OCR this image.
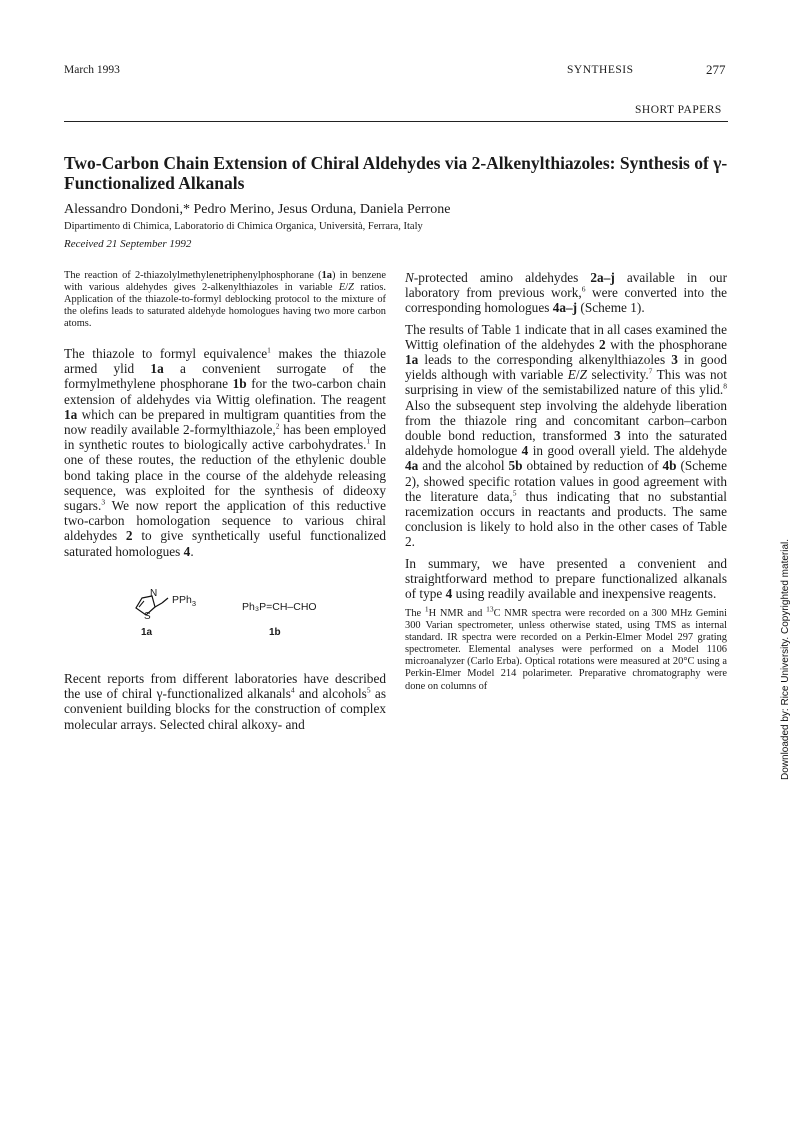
March 1993	SYNTHESIS	277
SHORT PAPERS
Two-Carbon Chain Extension of Chiral Aldehydes via 2-Alkenylthiazoles: Synthesis of γ-Functionalized Alkanals
Alessandro Dondoni,* Pedro Merino, Jesus Orduna, Daniela Perrone
Dipartimento di Chimica, Laboratorio di Chimica Organica, Università, Ferrara, Italy
Received 21 September 1992

The reaction of 2-thiazolylmethylenetriphenylphosphorane (1a) in benzene with various aldehydes gives 2-alkenylthiazoles in variable E/Z ratios. Application of the thiazole-to-formyl deblocking protocol to the mixture of the olefins leads to saturated aldehyde homologues having two more carbon atoms.

The thiazole to formyl equivalence$^1$ makes the thiazole armed ylid 1a a convenient surrogate of the formylmethylene phosphorane 1b for the two-carbon chain extension of aldehydes via Wittig olefination. The reagent 1a which can be prepared in multigram quantities from the now readily available 2-formylthiazole,$^2$ has been employed in synthetic routes to biologically active carbohydrates.$^1$ In one of these routes, the reduction of the ethylenic double bond taking place in the course of the aldehyde releasing sequence, was exploited for the synthesis of dideoxy sugars.$^3$ We now report the application of this reductive two-carbon homologation sequence to various chiral aldehydes 2 to give synthetically useful functionalized saturated homologues 4.

N
S
PPh$_3$	Ph₃P=CH–CHO
1a	1b

Recent reports from different laboratories have described the use of chiral γ-functionalized alkanals$^4$ and alcohols$^5$ as convenient building blocks for the construction of complex molecular arrays. Selected chiral alkoxy- and

N-protected amino aldehydes 2a–j available in our laboratory from previous work,$^6$ were converted into the corresponding homologues 4a–j (Scheme 1).

The results of Table 1 indicate that in all cases examined the Wittig olefination of the aldehydes 2 with the phosphorane 1a leads to the corresponding alkenylthiazoles 3 in good yields although with variable E/Z selectivity.$^7$ This was not surprising in view of the semistabilized nature of this ylid.$^8$ Also the subsequent step involving the aldehyde liberation from the thiazole ring and concomitant carbon–carbon double bond reduction, transformed 3 into the saturated aldehyde homologue 4 in good overall yield. The aldehyde 4a and the alcohol 5b obtained by reduction of 4b (Scheme 2), showed specific rotation values in good agreement with the literature data,$^5$ thus indicating that no substantial racemization occurs in reactants and products. The same conclusion is likely to hold also in the other cases of Table 2.

In summary, we have presented a convenient and straightforward method to prepare functionalized alkanals of type 4 using readily available and inexpensive reagents.

The $^1$H NMR and $^{13}$C NMR spectra were recorded on a 300 MHz Gemini 300 Varian spectrometer, unless otherwise stated, using TMS as internal standard. IR spectra were recorded on a Perkin-Elmer Model 297 grating spectrometer. Elemental analyses were performed on a Model 1106 microanalyzer (Carlo Erba). Optical rotations were measured at 20°C using a Perkin-Elmer Model 214 polarimeter. Preparative chromatography were done on columns of	Downloaded by: Rice University. Copyrighted material.
